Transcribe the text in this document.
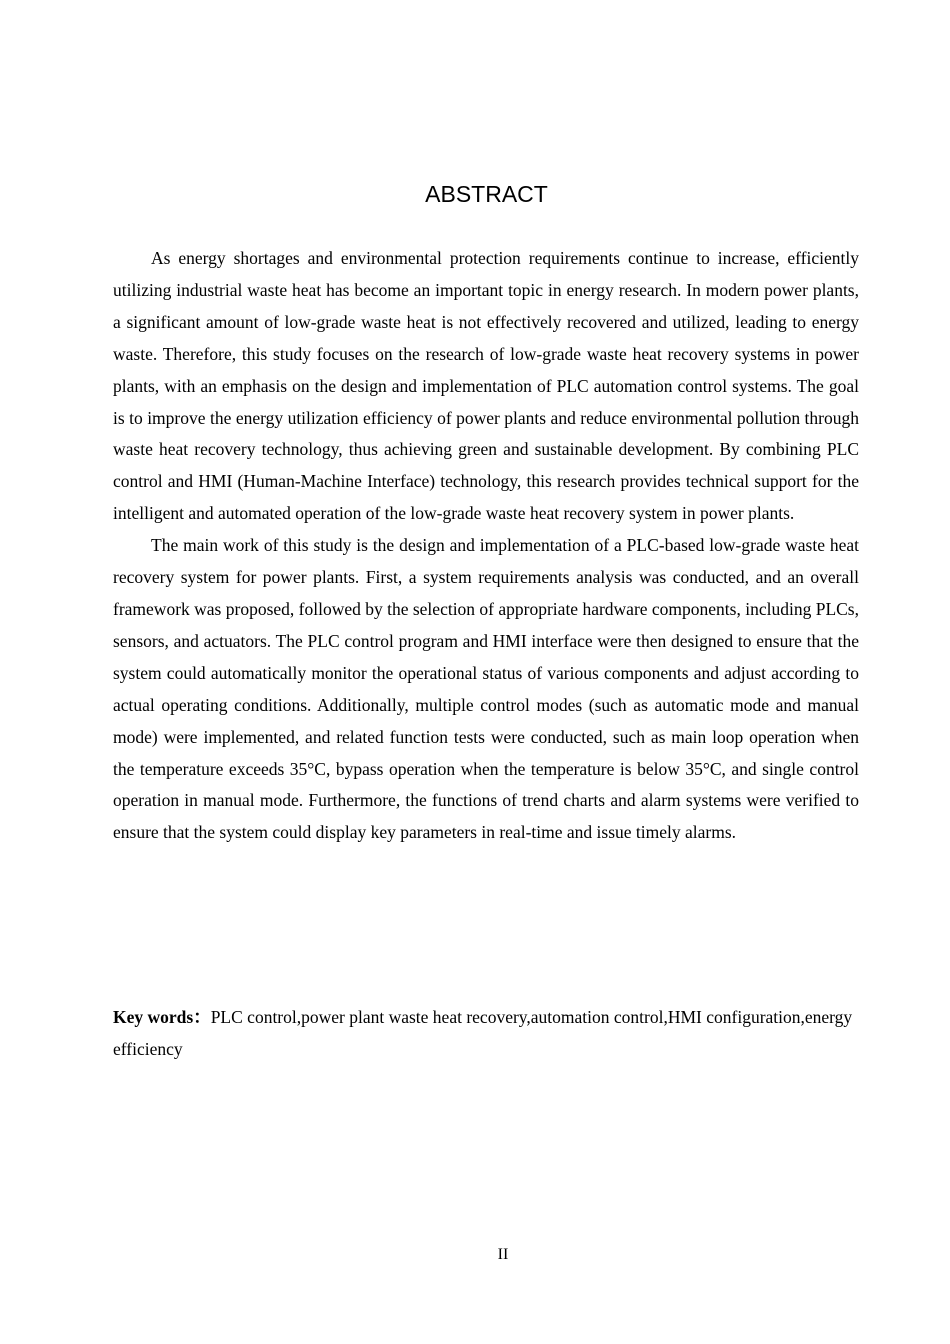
ABSTRACT

As energy shortages and environmental protection requirements continue to increase, efficiently utilizing industrial waste heat has become an important topic in energy research. In modern power plants, a significant amount of low-grade waste heat is not effectively recovered and utilized, leading to energy waste. Therefore, this study focuses on the research of low-grade waste heat recovery systems in power plants, with an emphasis on the design and implementation of PLC automation control systems. The goal is to improve the energy utilization efficiency of power plants and reduce environmental pollution through waste heat recovery technology, thus achieving green and sustainable development. By combining PLC control and HMI (Human-Machine Interface) technology, this research provides technical support for the intelligent and automated operation of the low-grade waste heat recovery system in power plants.

The main work of this study is the design and implementation of a PLC-based low-grade waste heat recovery system for power plants. First, a system requirements analysis was conducted, and an overall framework was proposed, followed by the selection of appropriate hardware components, including PLCs, sensors, and actuators. The PLC control program and HMI interface were then designed to ensure that the system could automatically monitor the operational status of various components and adjust according to actual operating conditions. Additionally, multiple control modes (such as automatic mode and manual mode) were implemented, and related function tests were conducted, such as main loop operation when the temperature exceeds 35°C, bypass operation when the temperature is below 35°C, and single control operation in manual mode. Furthermore, the functions of trend charts and alarm systems were verified to ensure that the system could display key parameters in real-time and issue timely alarms.

Key words：PLC control,power plant waste heat recovery,automation control,HMI configuration,energy efficiency

II
